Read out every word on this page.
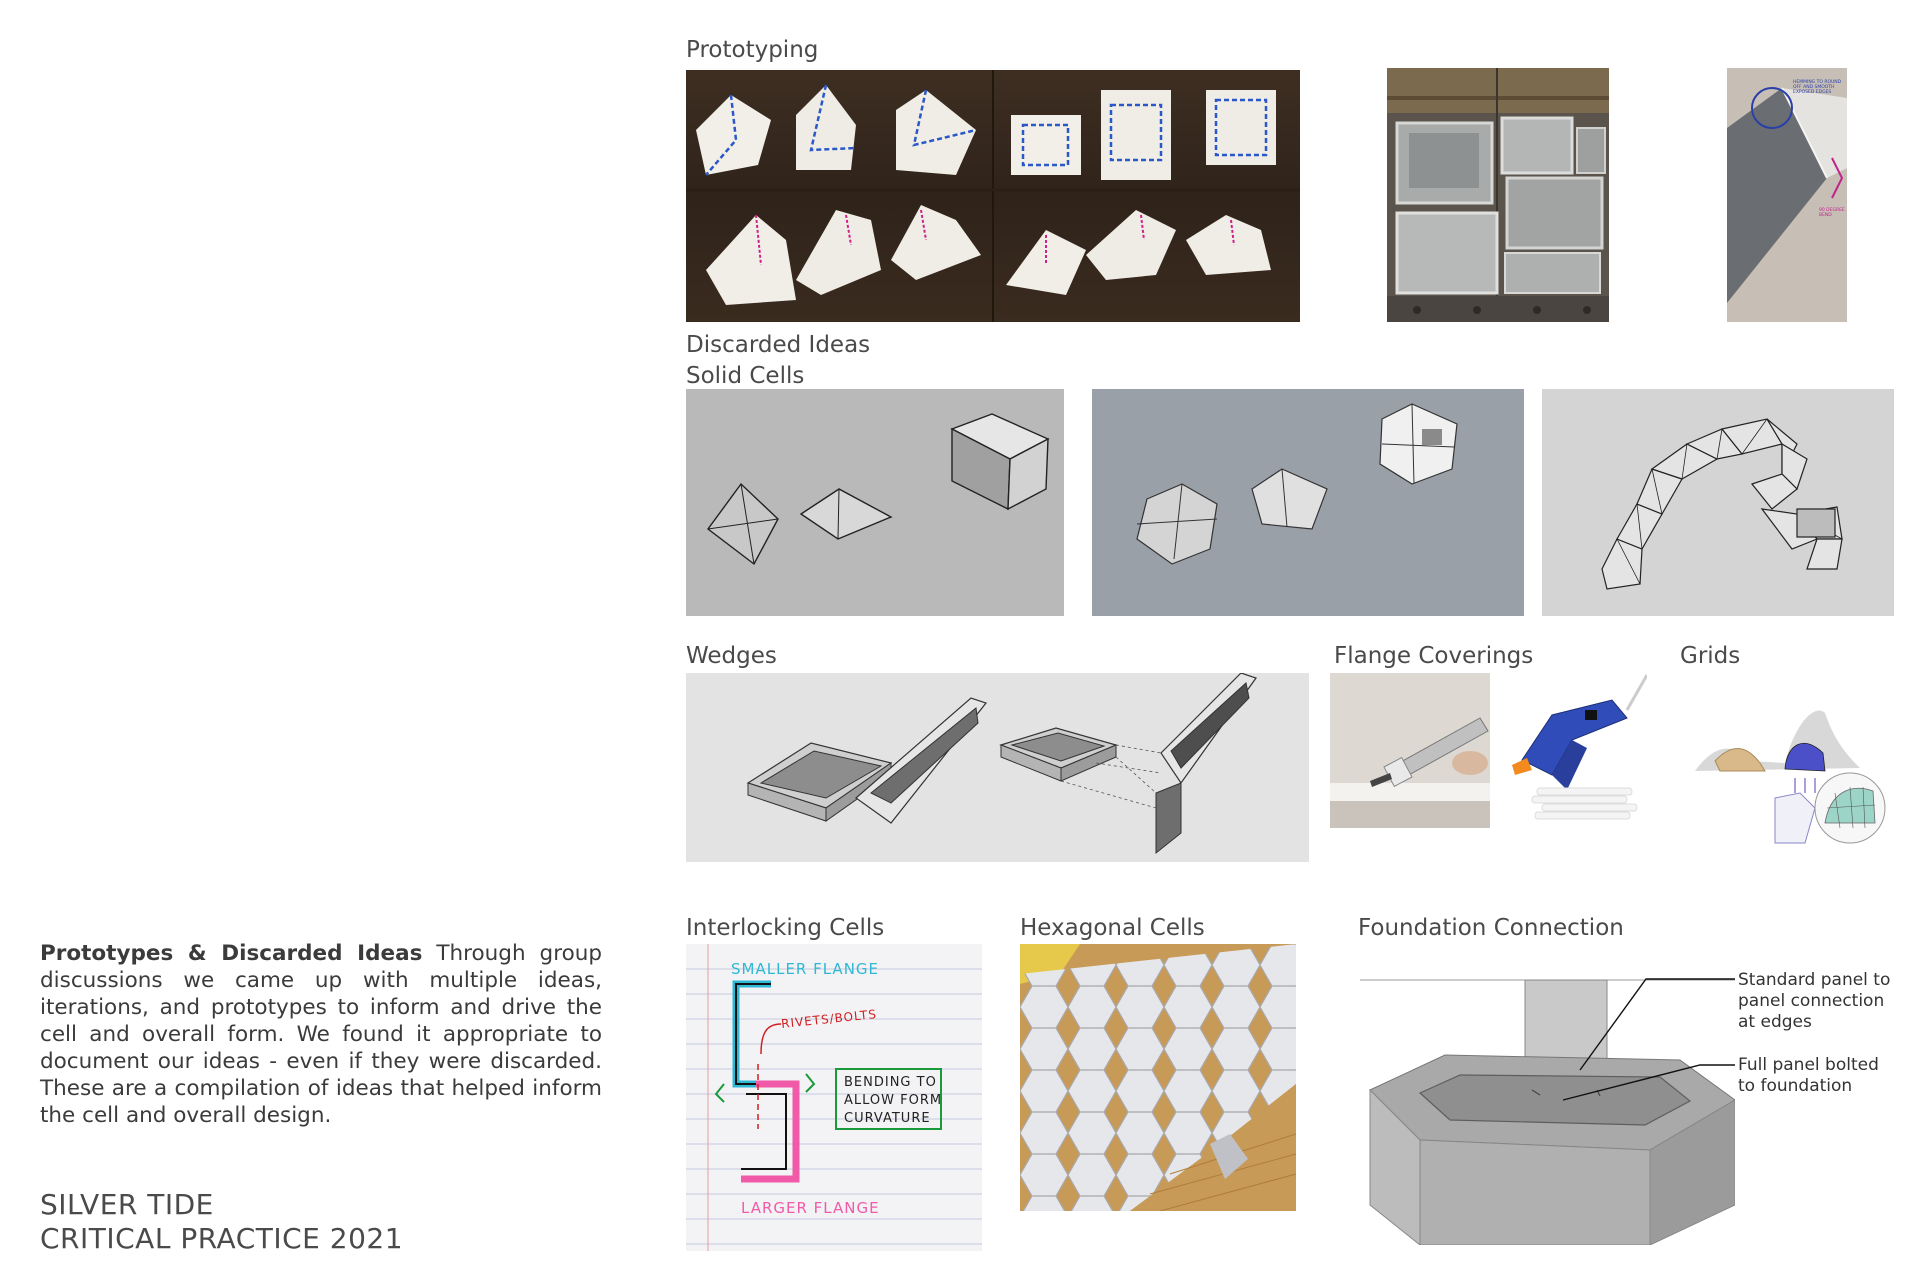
Prototyping
HEMMING TO ROUND OFF AND SMOOTH EXPOSED EDGES
90 DEGREE BEND
Discarded Ideas
Solid Cells
Wedges	Flange Coverings	Grids
Interlocking Cells	Hexagonal Cells	Foundation Connection
SMALLER FLANGE
RIVETS/BOLTS
BENDING TO
ALLOW FORM
CURVATURE
LARGER FLANGE
Standard panel to
panel connection
at edges
Full panel bolted
to foundation
Prototypes & Discarded Ideas Through group discussions we came up with multiple ideas, iterations, and prototypes to inform and drive the cell and overall form. We found it appropriate to document our ideas - even if they were discarded. These are a compilation of ideas that helped inform the cell and overall design.
SILVER TIDE
CRITICAL PRACTICE 2021
